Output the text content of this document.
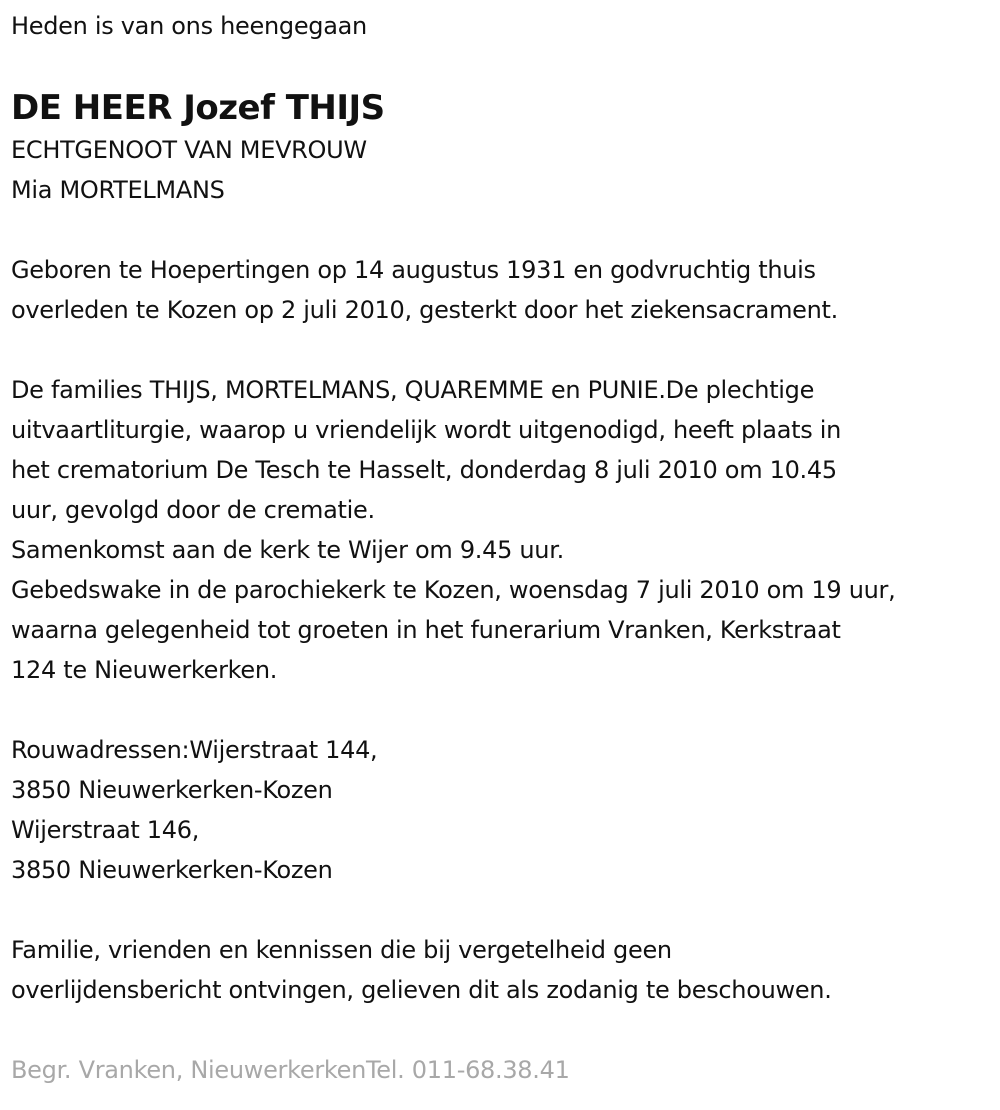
Heden is van ons heengegaan
DE HEER Jozef THIJS
ECHTGENOOT VAN MEVROUW
Mia MORTELMANS
Geboren te Hoepertingen op 14 augustus 1931 en godvruchtig thuis
overleden te Kozen op 2 juli 2010, gesterkt door het ziekensacrament.
De families THIJS, MORTELMANS, QUAREMME en PUNIE.De plechtige
uitvaartliturgie, waarop u vriendelijk wordt uitgenodigd, heeft plaats in
het crematorium De Tesch te Hasselt, donderdag 8 juli 2010 om 10.45
uur, gevolgd door de crematie.
Samenkomst aan de kerk te Wijer om 9.45 uur.
Gebedswake in de parochiekerk te Kozen, woensdag 7 juli 2010 om 19 uur,
waarna gelegenheid tot groeten in het funerarium Vranken, Kerkstraat
124 te Nieuwerkerken.
Rouwadressen:Wijerstraat 144,
3850 Nieuwerkerken-Kozen
Wijerstraat 146,
3850 Nieuwerkerken-Kozen
Familie, vrienden en kennissen die bij vergetelheid geen
overlijdensbericht ontvingen, gelieven dit als zodanig te beschouwen.
Begr. Vranken, NieuwerkerkenTel. 011-68.38.41
